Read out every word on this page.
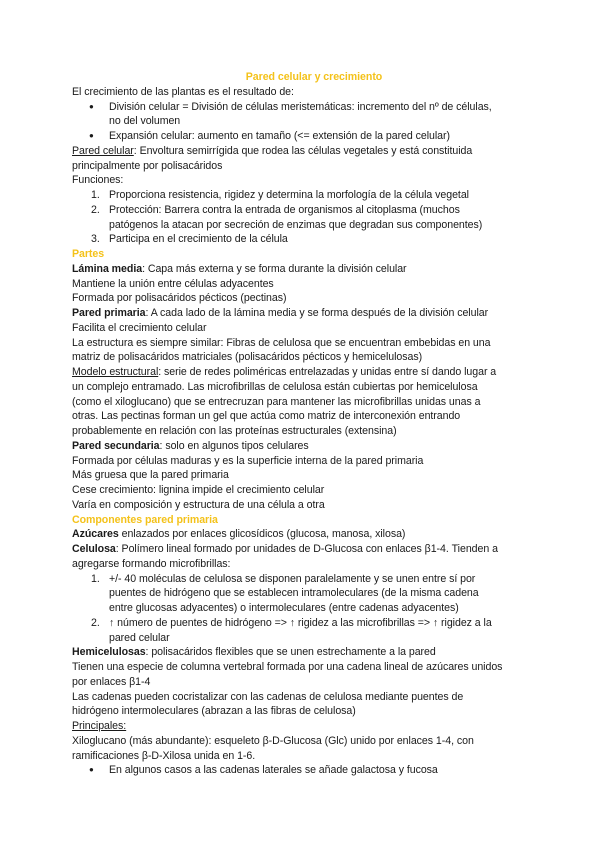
Pared celular y crecimiento
El crecimiento de las plantas es el resultado de:
● División celular = División de células meristemáticas: incremento del nº de células,
no del volumen
● Expansión celular: aumento en tamaño (<= extensión de la pared celular)
Pared celular: Envoltura semirrígida que rodea las células vegetales y está constituida
principalmente por polisacáridos
Funciones:
1. Proporciona resistencia, rigidez y determina la morfología de la célula vegetal
2. Protección: Barrera contra la entrada de organismos al citoplasma (muchos
patógenos la atacan por secreción de enzimas que degradan sus componentes)
3. Participa en el crecimiento de la célula
Partes
Lámina media: Capa más externa y se forma durante la división celular
Mantiene la unión entre células adyacentes
Formada por polisacáridos pécticos (pectinas)
Pared primaria: A cada lado de la lámina media y se forma después de la división celular
Facilita el crecimiento celular
La estructura es siempre similar: Fibras de celulosa que se encuentran embebidas en una
matriz de polisacáridos matriciales (polisacáridos pécticos y hemicelulosas)
Modelo estructural: serie de redes poliméricas entrelazadas y unidas entre sí dando lugar a
un complejo entramado. Las microfibrillas de celulosa están cubiertas por hemicelulosa
(como el xiloglucano) que se entrecruzan para mantener las microfibrillas unidas unas a
otras. Las pectinas forman un gel que actúa como matriz de interconexión entrando
probablemente en relación con las proteínas estructurales (extensina)
Pared secundaria: solo en algunos tipos celulares
Formada por células maduras y es la superficie interna de la pared primaria
Más gruesa que la pared primaria
Cese crecimiento: lignina impide el crecimiento celular
Varía en composición y estructura de una célula a otra
Componentes pared primaria
Azúcares enlazados por enlaces glicosídicos (glucosa, manosa, xilosa)
Celulosa: Polímero lineal formado por unidades de D-Glucosa con enlaces β1-4. Tienden a
agregarse formando microfibrillas:
1. +/- 40 moléculas de celulosa se disponen paralelamente y se unen entre sí por
puentes de hidrógeno que se establecen intramoleculares (de la misma cadena
entre glucosas adyacentes) o intermoleculares (entre cadenas adyacentes)
2. ↑ número de puentes de hidrógeno => ↑ rigidez a las microfibrillas => ↑ rigidez a la
pared celular
Hemicelulosas: polisacáridos flexibles que se unen estrechamente a la pared
Tienen una especie de columna vertebral formada por una cadena lineal de azúcares unidos
por enlaces β1-4
Las cadenas pueden cocristalizar con las cadenas de celulosa mediante puentes de
hidrógeno intermoleculares (abrazan a las fibras de celulosa)
Principales:
Xiloglucano (más abundante): esqueleto β-D-Glucosa (Glc) unido por enlaces 1-4, con
ramificaciones β-D-Xilosa unida en 1-6.
● En algunos casos a las cadenas laterales se añade galactosa y fucosa
